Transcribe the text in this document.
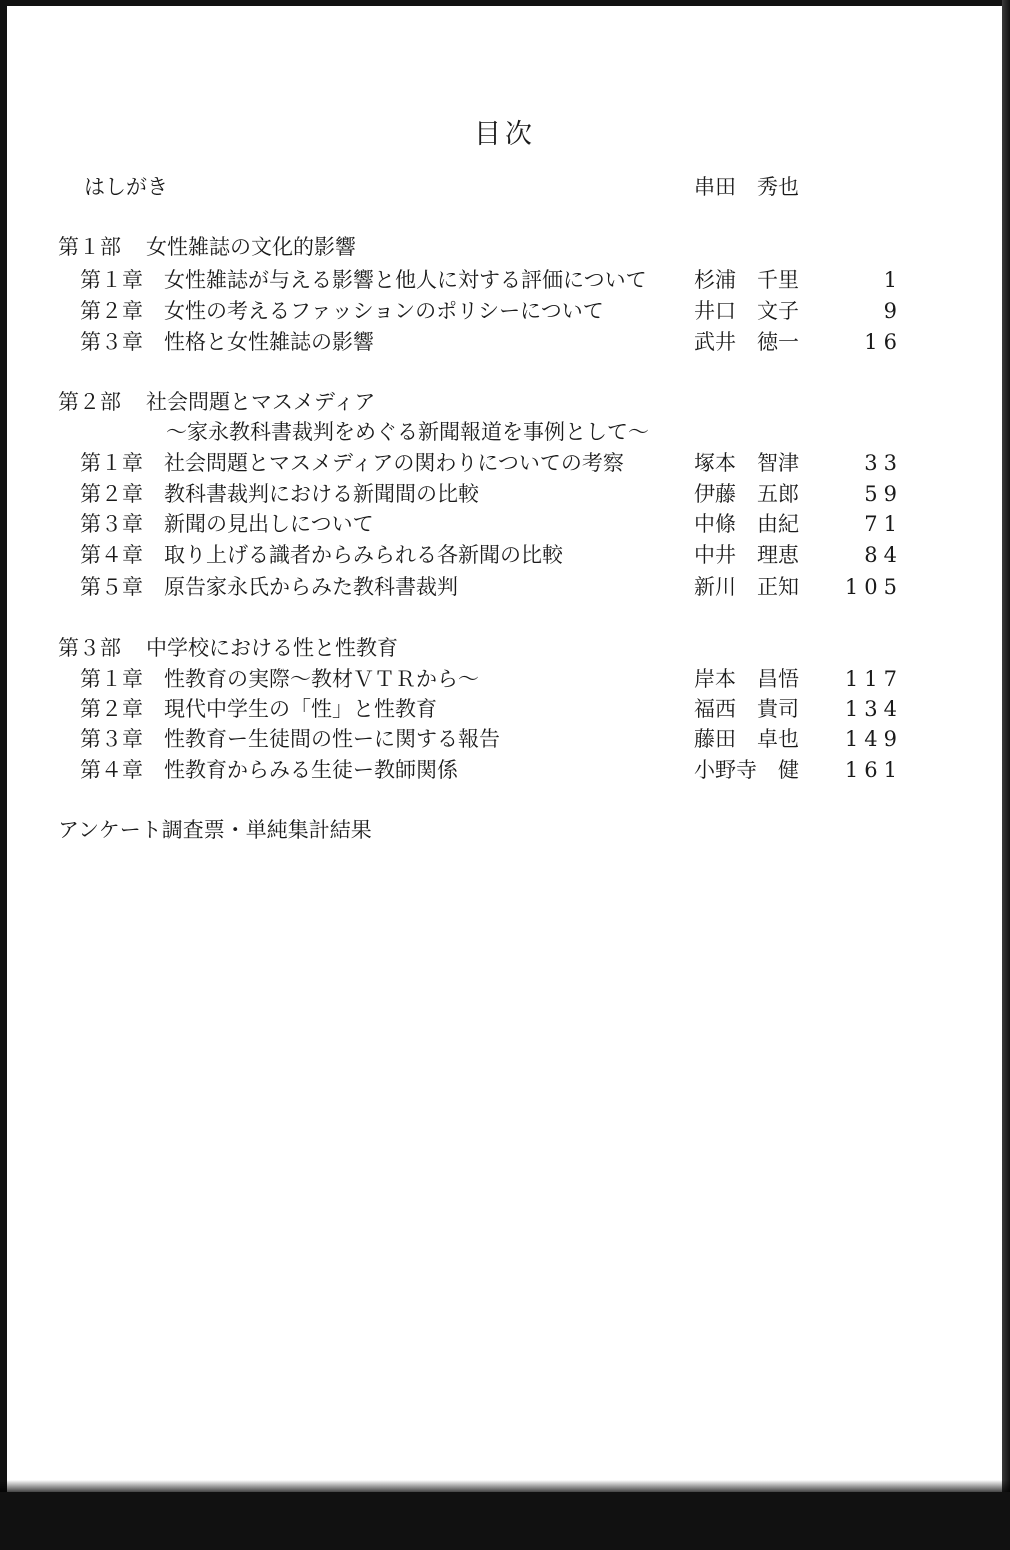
目次
はしがき	串田　秀也
第１部 女性雑誌の文化的影響
第１章 女性雑誌が与える影響と他人に対する評価について 杉浦　千里	1
第２章 女性の考えるファッションのポリシーについて	井口　文子	9
第３章 性格と女性雑誌の影響	武井　徳一	16
第２部 社会問題とマスメディア
〜家永教科書裁判をめぐる新聞報道を事例として〜
第１章 社会問題とマスメディアの関わりについての考察	塚本　智津	33
第２章 教科書裁判における新聞間の比較	伊藤　五郎	59
第３章 新聞の見出しについて	中條　由紀	71
第４章 取り上げる識者からみられる各新聞の比較	中井　理恵	84
第５章 原告家永氏からみた教科書裁判	新川　正知 105
第３部 中学校における性と性教育
第１章 性教育の実際〜教材ＶＴＲから〜	岸本　昌悟 117
第２章 現代中学生の「性」と性教育	福西　貴司 134
第３章 性教育ー生徒間の性ーに関する報告	藤田　卓也 149
第４章 性教育からみる生徒ー教師関係	小野寺　健 161
アンケート調査票・単純集計結果
